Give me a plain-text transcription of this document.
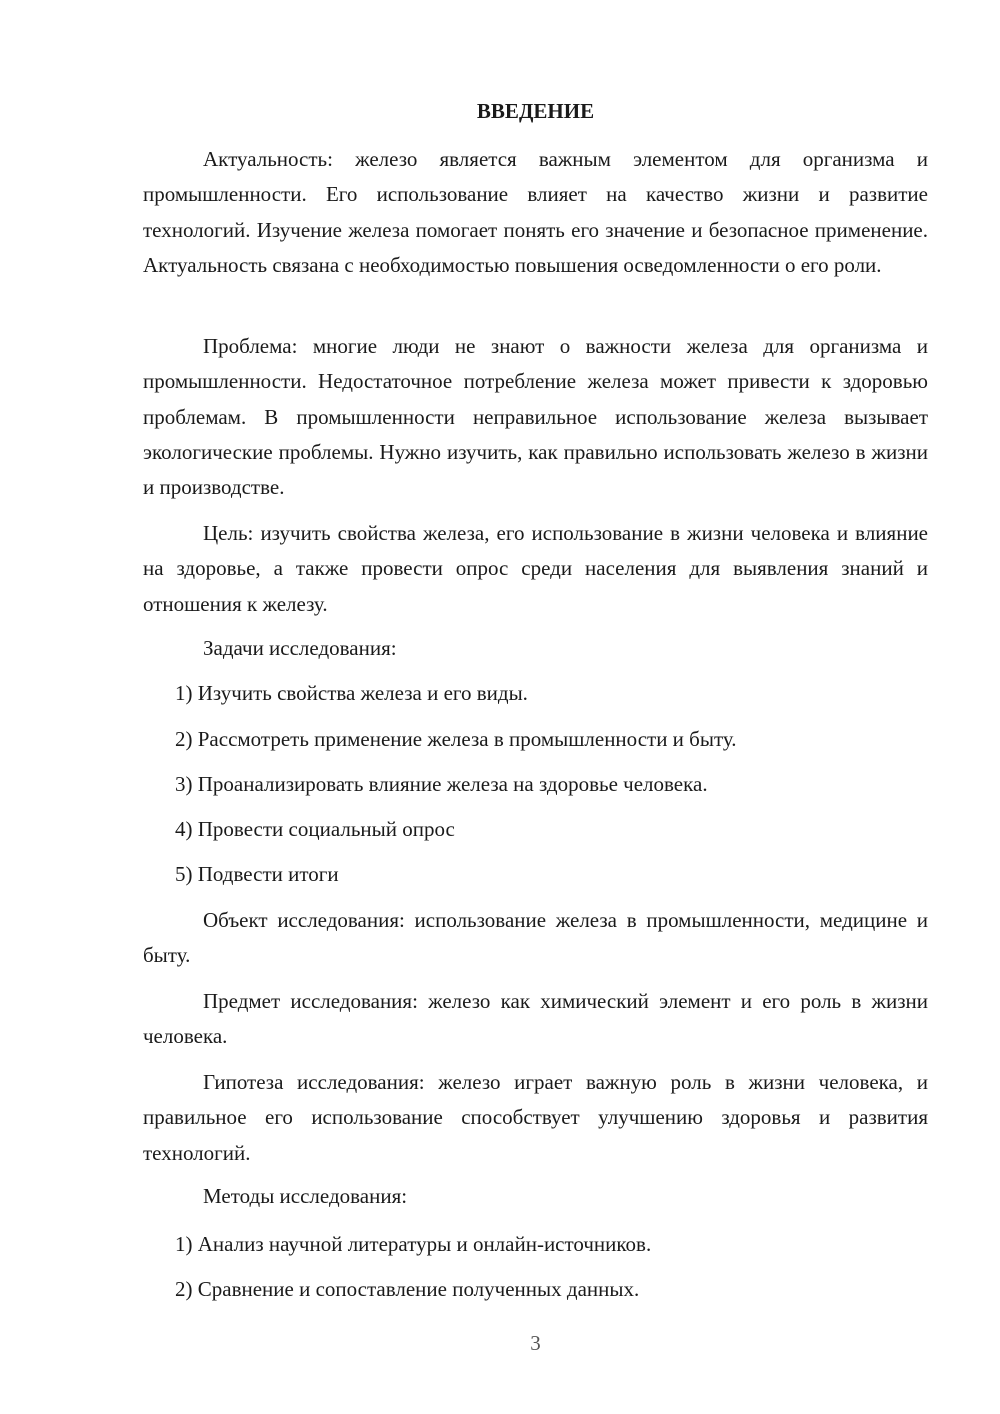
ВВЕДЕНИЕ

Актуальность: железо является важным элементом для организма и промышленности. Его использование влияет на качество жизни и развитие технологий. Изучение железа помогает понять его значение и безопасное применение. Актуальность связана с необходимостью повышения осведомленности о его роли.

Проблема: многие люди не знают о важности железа для организма и промышленности. Недостаточное потребление железа может привести к здоровью проблемам. В промышленности неправильное использование железа вызывает экологические проблемы. Нужно изучить, как правильно использовать железо в жизни и производстве.

Цель: изучить свойства железа, его использование в жизни человека и влияние на здоровье, а также провести опрос среди населения для выявления знаний и отношения к железу.

Задачи исследования:

1) Изучить свойства железа и его виды.

2) Рассмотреть применение железа в промышленности и быту.

3) Проанализировать влияние железа на здоровье человека.

4) Провести социальный опрос

5) Подвести итоги

Объект исследования: использование железа в промышленности, медицине и быту.

Предмет исследования: железо как химический элемент и его роль в жизни человека.

Гипотеза исследования: железо играет важную роль в жизни человека, и правильное его использование способствует улучшению здоровья и развития технологий.

Методы исследования:

1) Анализ научной литературы и онлайн-источников.

2) Сравнение и сопоставление полученных данных.

3
